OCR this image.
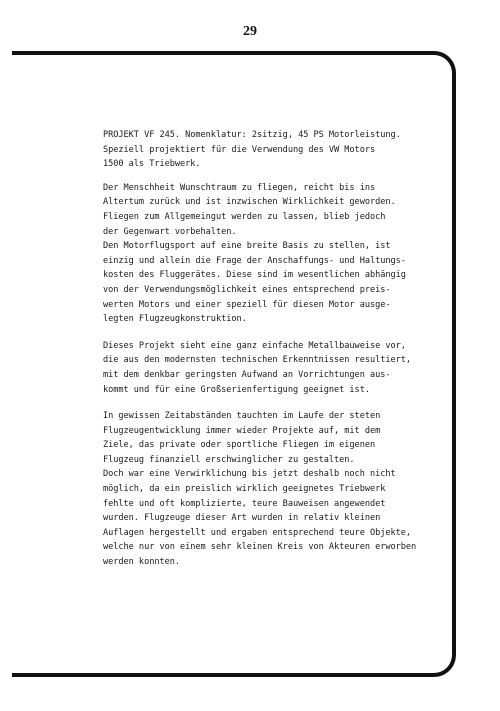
29

PROJEKT VF 245. Nomenklatur: 2sitzig, 45 PS Motorleistung.
Speziell projektiert für die Verwendung des VW Motors
1500 als Triebwerk.

Der Menschheit Wunschtraum zu fliegen, reicht bis ins
Altertum zurück und ist inzwischen Wirklichkeit geworden.
Fliegen zum Allgemeingut werden zu lassen, blieb jedoch
der Gegenwart vorbehalten.

Den Motorflugsport auf eine breite Basis zu stellen, ist
einzig und allein die Frage der Anschaffungs- und Haltungs-
kosten des Fluggerätes. Diese sind im wesentlichen abhängig
von der Verwendungsmöglichkeit eines entsprechend preis-
werten Motors und einer speziell für diesen Motor ausge-
legten Flugzeugkonstruktion.

Dieses Projekt sieht eine ganz einfache Metallbauweise vor,
die aus den modernsten technischen Erkenntnissen resultiert,
mit dem denkbar geringsten Aufwand an Vorrichtungen aus-
kommt und für eine Großserienfertigung geeignet ist.

In gewissen Zeitabständen tauchten im Laufe der steten
Flugzeugentwicklung immer wieder Projekte auf, mit dem
Ziele, das private oder sportliche Fliegen im eigenen
Flugzeug finanziell erschwinglicher zu gestalten.

Doch war eine Verwirklichung bis jetzt deshalb noch nicht
möglich, da ein preislich wirklich geeignetes Triebwerk
fehlte und oft komplizierte, teure Bauweisen angewendet
wurden. Flugzeuge dieser Art wurden in relativ kleinen
Auflagen hergestellt und ergaben entsprechend teure Objekte,
welche nur von einem sehr kleinen Kreis von Akteuren erworben
werden konnten.
